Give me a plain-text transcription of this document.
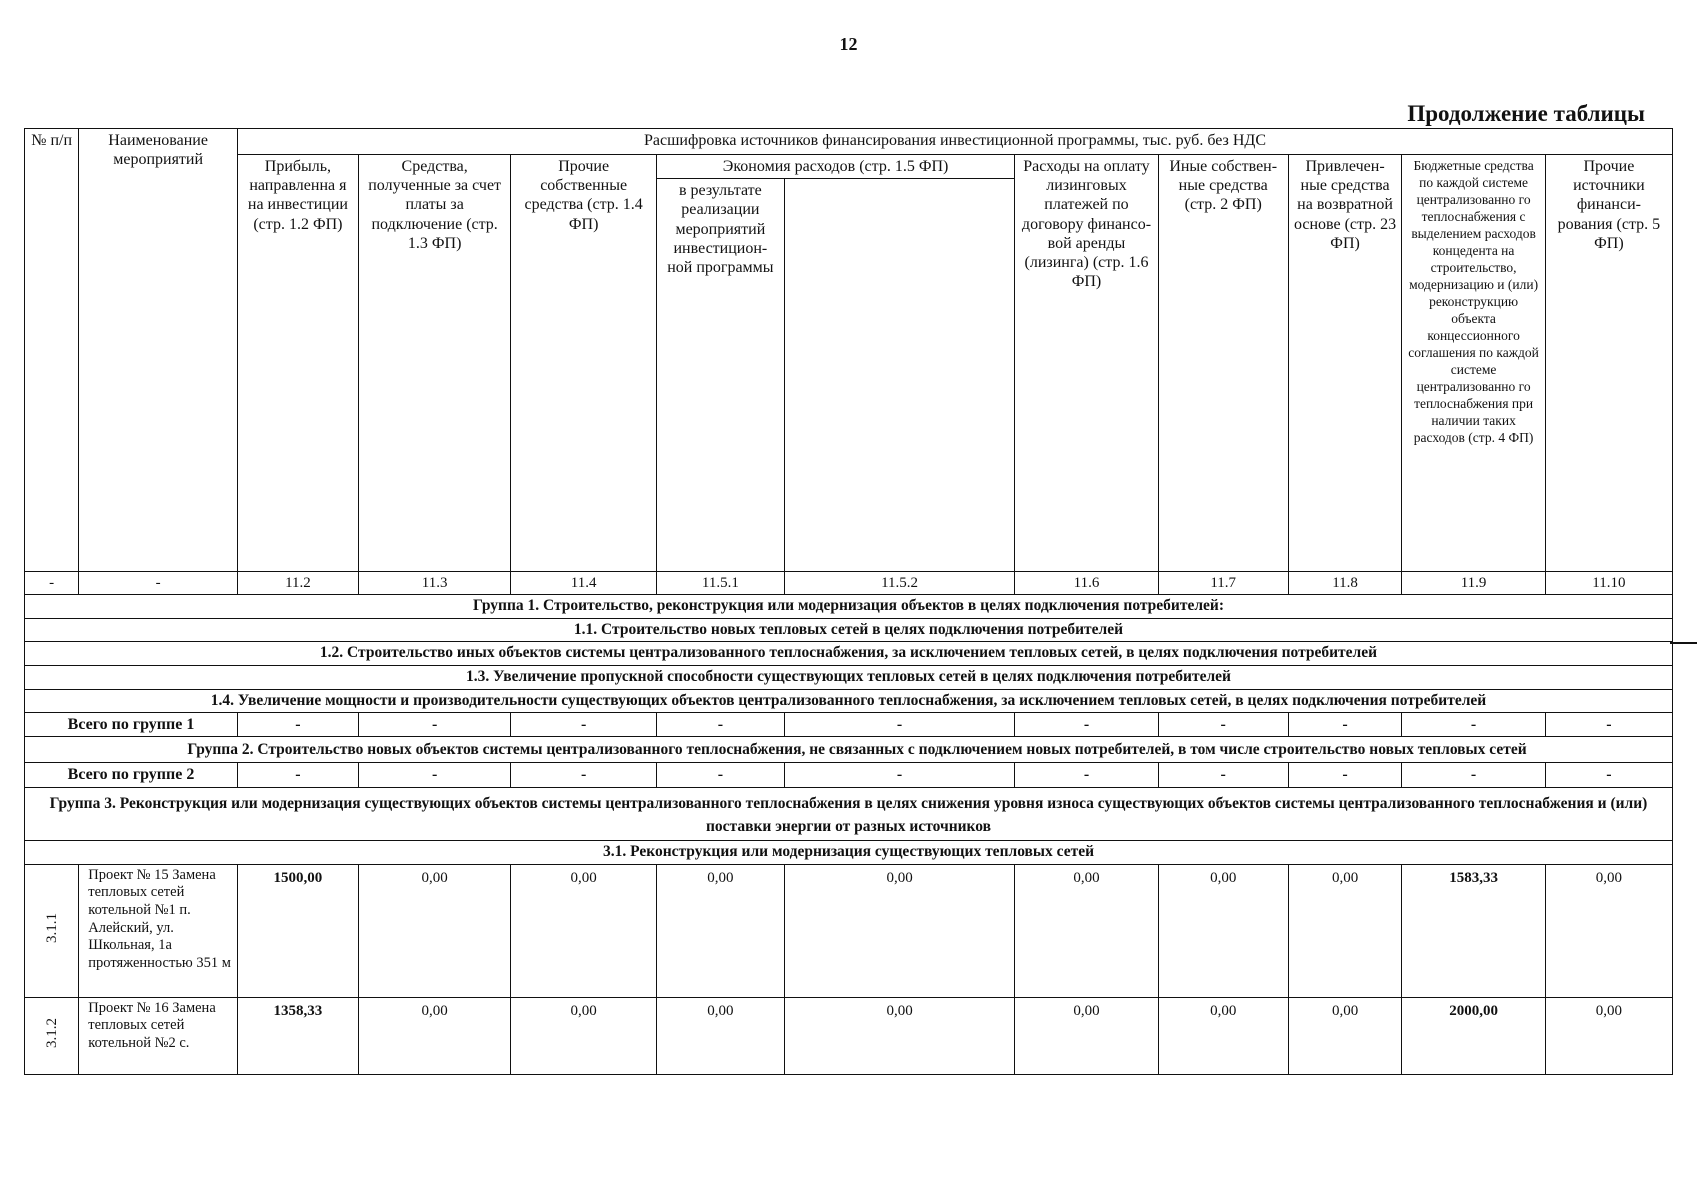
12
Продолжение таблицы
№ п/п	Наименование мероприятий	Расшифровка источников финансирования инвестиционной программы, тыс. руб. без НДС									
		Прибыль, направленна я на инвестиции (стр. 1.2 ФП)	Средства, полученные за счет платы за подключение (стр. 1.3 ФП)	Прочие собственные средства (стр. 1.4 ФП)	Экономия расходов (стр. 1.5 ФП)		Расходы на оплату лизинговых платежей по договору финансо-вой аренды (лизинга) (стр. 1.6 ФП)	Иные собствен-ные средства (стр. 2 ФП)	Привлечен- ные средства на возвратной основе (стр. 23 ФП)	Бюджетные средства по каждой системе централизованно го теплоснабжения с выделением расходов концедента на строительство, модернизацию и (или) реконструкцию объекта концессионного соглашения по каждой системе централизованно го теплоснабжения при наличии таких расходов (стр. 4 ФП)	Прочие источники финанси- рования (стр. 5 ФП)
					в результате реализации мероприятий инвестицион- ной программы						
-	-	11.2	11.3	11.4	11.5.1	11.5.2	11.6	11.7	11.8	11.9	11.10
Группа 1. Строительство, реконструкция или модернизация объектов в целях подключения потребителей:											
1.1. Строительство новых тепловых сетей в целях подключения потребителей											
1.2. Строительство иных объектов системы централизованного теплоснабжения, за исключением тепловых сетей, в целях подключения потребителей											
1.3. Увеличение пропускной способности существующих тепловых сетей в целях подключения потребителей											
1.4. Увеличение мощности и производительности существующих объектов централизованного теплоснабжения, за исключением тепловых сетей, в целях подключения потребителей											
Всего по группе 1		-	-	-	-	-	-	-	-	-	-
Группа 2. Строительство новых объектов системы централизованного теплоснабжения, не связанных с подключением новых потребителей, в том числе строительство новых тепловых сетей											
Всего по группе 2		-	-	-	-	-	-	-	-	-	-
Группа 3. Реконструкция или модернизация существующих объектов системы централизованного теплоснабжения в целях снижения уровня износа существующих объектов системы централизованного теплоснабжения и (или) поставки энергии от разных источников											
3.1. Реконструкция или модернизация существующих тепловых сетей											
3.1.1	Проект № 15 Замена тепловых сетей котельной №1 п. Алейский, ул. Школьная, 1а протяженностью 351 м	1500,00	0,00	0,00	0,00	0,00	0,00	0,00	0,00	1583,33	0,00
3.1.2	Проект № 16 Замена тепловых сетей котельной №2 с.	1358,33	0,00	0,00	0,00	0,00	0,00	0,00	0,00	2000,00	0,00
